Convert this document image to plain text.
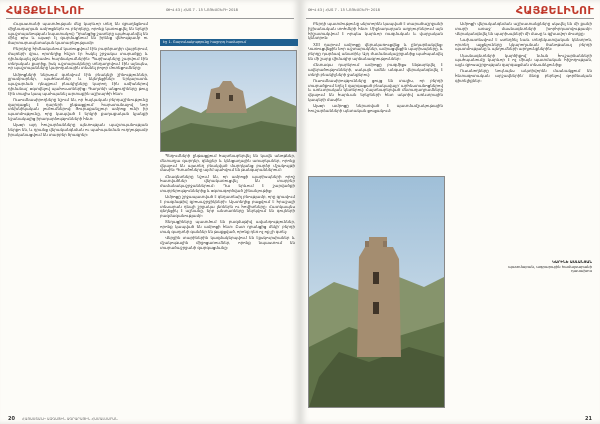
ՀԱՅՔԵԼԻՆՈՒ	ԹԻՎ 43 | ՀԱՏ 7 - 15 ՆՈՅԵՄԲԵՐԻ 2018

Հայաստանի պատմության մեջ կարևոր տեղ են զբաղեցնում միջնադարյան ամրոցներն ու բերդերը, որոնք կառուցվել են երկրի պաշտպանության նպատակով։ Դրանցից շատերը պահպանվել են մինչ օրս և այսօր էլ զարմացնում են իրենց վեհությամբ ու ճարտարապետական կատարելությամբ։

Բերդերը հիմնականում կառուցվում էին բարձրադիր վայրերում, ժայռերի վրա, որտեղից հեշտ էր հսկել շրջակա տարածքը և դիմակայել թշնամու հարձակումներին։ Պարիսպները շարվում էին տեղական քարից, իսկ աշտարակները տեղադրվում էին այնպես, որ պաշտպանները կարողանային տեսնել բոլոր մոտեցումները։

Ամրոցների ներսում գտնվում էին բնակելի շինություններ, ջրամբարներ, պահեստներ և եկեղեցիներ։ Երկարատև պաշարման դեպքում բնակիչները կարող էին ամիսներով դիմանալ՝ օգտվելով պահուստներից։ Գաղտնի անցուղիները թույլ էին տալիս կապ պահպանել արտաքին աշխարհի հետ։

Ուսումնասիրողները նշում են, որ հայկական բերդաշինությունը զարգացել է դարերի ընթացքում՝ հարստանալով նոր տեխնիկական լուծումներով։ Յուրաքանչյուր ամրոց ունի իր պատմությունը, որը կապված է երկրի քաղաքական կյանքի նշանակալից իրադարձությունների հետ։

Այսօր այդ հուշարձանները պետության պաշտպանության ներքո են, և դրանց վերականգնման ու պահպանման ուղղությամբ իրականացվում են տարբեր ծրագրեր։

Էջ 1. Շարունակությունը հաջորդ համարում

Պեղումների ընթացքում հայտնաբերվել են կավե անոթներ, մետաղյա զարդեր, զենքեր և կենցաղային առարկաներ, որոնք վկայում են այստեղ բնակված մարդկանց բարձր մշակույթի մասին։ Գտածոները այժմ պահվում են թանգարաններում։

Հնագետները նշում են, որ ամրոցի պարիսպների որոշ հատվածներ վերակառուցվել են տարբեր ժամանակաշրջաններում։ Դա երևում է շարվածքի տարբերություններից և օգտագործված շինանյութից։

Ամրոցը շրջապատված է գեղատեսիլ բնությամբ, որը գրավում է բազմաթիվ զբոսաշրջիկների։ Այստեղից բացվում է հրաշալի տեսարան դեպի շրջակա լեռներն ու հովիտները։ Հատկապես գեղեցիկ է աշնանը, երբ անտառները ներկվում են գույների բազմազանությամբ։

Տեղացիները պատմում են բազմաթիվ ավանդություններ, որոնք կապված են ամրոցի հետ։ Ըստ դրանցից մեկի՝ բերդի տակ գաղտնի գանձեր են թաքցված, որոնք դեռ ոչ ոք չի գտել։

Վերջին տարիներին կազմակերպվում են էքսկուրսիաներ և մշակութային միջոցառումներ, որոնք նպաստում են տարածաշրջանի զարգացմանը։

20 ՀԱՅԱՍՏԱՆԻ ԱԶԳԱՅԻՆ ԱԳՐԱՐԱՅԻՆ ՀԱՄԱԼՍԱՐԱՆ
ԹԻՎ 43 | ՀԱՏ 7 - 15 ՆՈՅԵՄԲԵՐԻ 2018	ՀԱՅՔԵԼԻՆՈՒ

Բերդի պատմությունը սերտորեն կապված է տարածաշրջանի իշխանական տոհմերի հետ։ Միջնադարյան աղբյուրներում այն հիշատակվում է որպես կարևոր ռազմական և վարչական կենտրոն։

XIII դարում ամրոցը վերակառուցվեց և ընդարձակվեց։ Կառուցվեցին նոր աշտարակներ, ամրացվեցին պարիսպները, և բերդը դարձավ անառիկ։ Այդ ժամանակաշրջանից պահպանվել են մի շարք վիմագիր արձանագրություններ։

Հետագա դարերում ամրոցը բազմիցս ենթարկվել է ավերածությունների, սակայն ամեն անգամ վերականգնվել է տեղի բնակիչների ջանքերով։

Ուսումնասիրությունները ցույց են տալիս, որ բերդի տարածքում եղել է զարգացած բնակավայր՝ արհեստանոցներով և առևտրական կետերով։ Հայտնաբերված մետաղադրամները վկայում են հարևան երկրների հետ ակտիվ առևտրային կապերի մասին։

Այսօր ամրոցը ներառված է պատմամշակութային հուշարձանների պետական ցուցակում։

Ամրոցի վերականգնման աշխատանքները սկսվել են մի քանի տարի առաջ՝ մասնագետների խորհրդատվությամբ։ Վերականգնվել են պարիսպների մի մասը և գլխավոր մուտքը։

Նախատեսվում է ստեղծել նաև տեղեկատվական կենտրոն, որտեղ այցելուները կկարողանան ծանոթանալ բերդի պատմությանը և պեղումների արդյունքներին։

Մասնագետների կարծիքով՝ նման հուշարձանների պահպանումը կարևոր է ոչ միայն պատմական հիշողության, այլև զբոսաշրջության զարգացման տեսանկյունից։

Ուսանողները նույնպես ակտիվորեն մասնակցում են հետազոտական արշավներին՝ ձեռք բերելով գործնական գիտելիքներ։

ԿԱՐԻՆԵ ԱՍԼԱՆՅԱՆ
պատմաբան, ագրարային համալսարանի դասախոս
21
